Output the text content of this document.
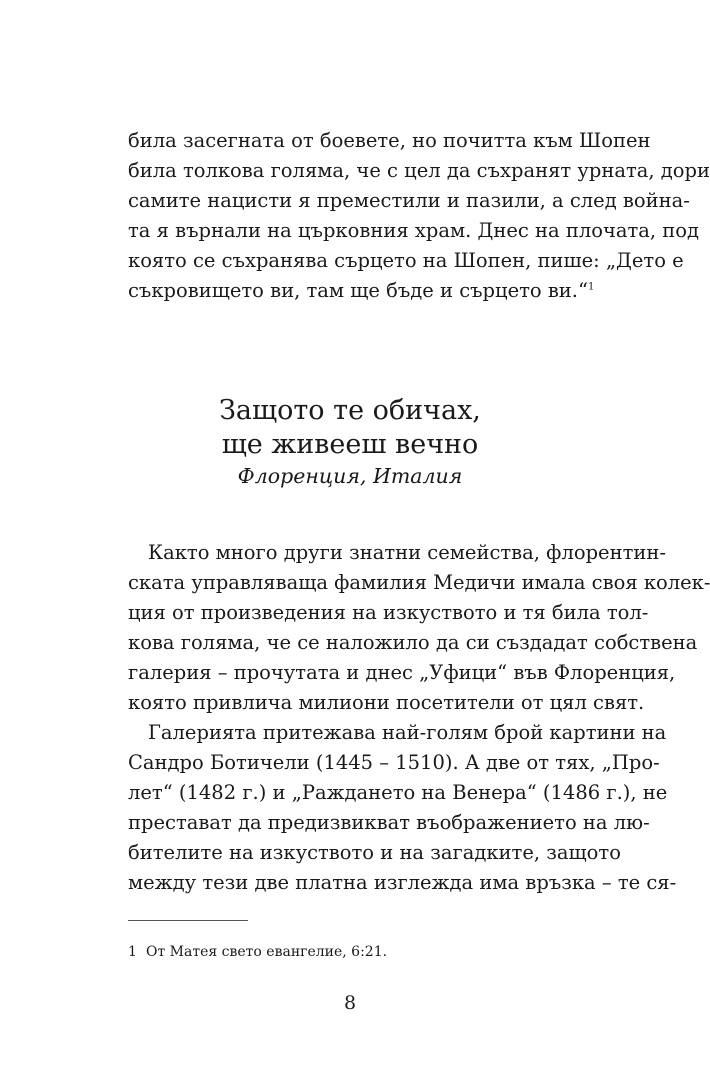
била засегната от боевете, но почитта към Шопен
била толкова голяма, че с цел да съхранят урната, дори
самите нацисти я преместили и пазили, а след война-
та я върнали на църковния храм. Днес на плочата, под
която се съхранява сърцето на Шопен, пише: „Дето е
съкровището ви, там ще бъде и сърцето ви.“$^1$
Защото те обичах,
ще живееш вечно
Флоренция, Италия
Както много други знатни семейства, флорентин-
ската управляваща фамилия Медичи имала своя колек-
ция от произведения на изкуството и тя била тол-
кова голяма, че се наложило да си създадат собствена
галерия – прочутата и днес „Уфици“ във Флоренция,
която привлича милиони посетители от цял свят.
Галерията притежава най-голям брой картини на
Сандро Ботичели (1445 – 1510). А две от тях, „Про-
лет“ (1482 г.) и „Раждането на Венера“ (1486 г.), не
престават да предизвикват въображението на лю-
бителите на изкуството и на загадките, защото
между тези две платна изглежда има връзка – те ся-
1 От Матея свето евангелие, 6:21.
8
